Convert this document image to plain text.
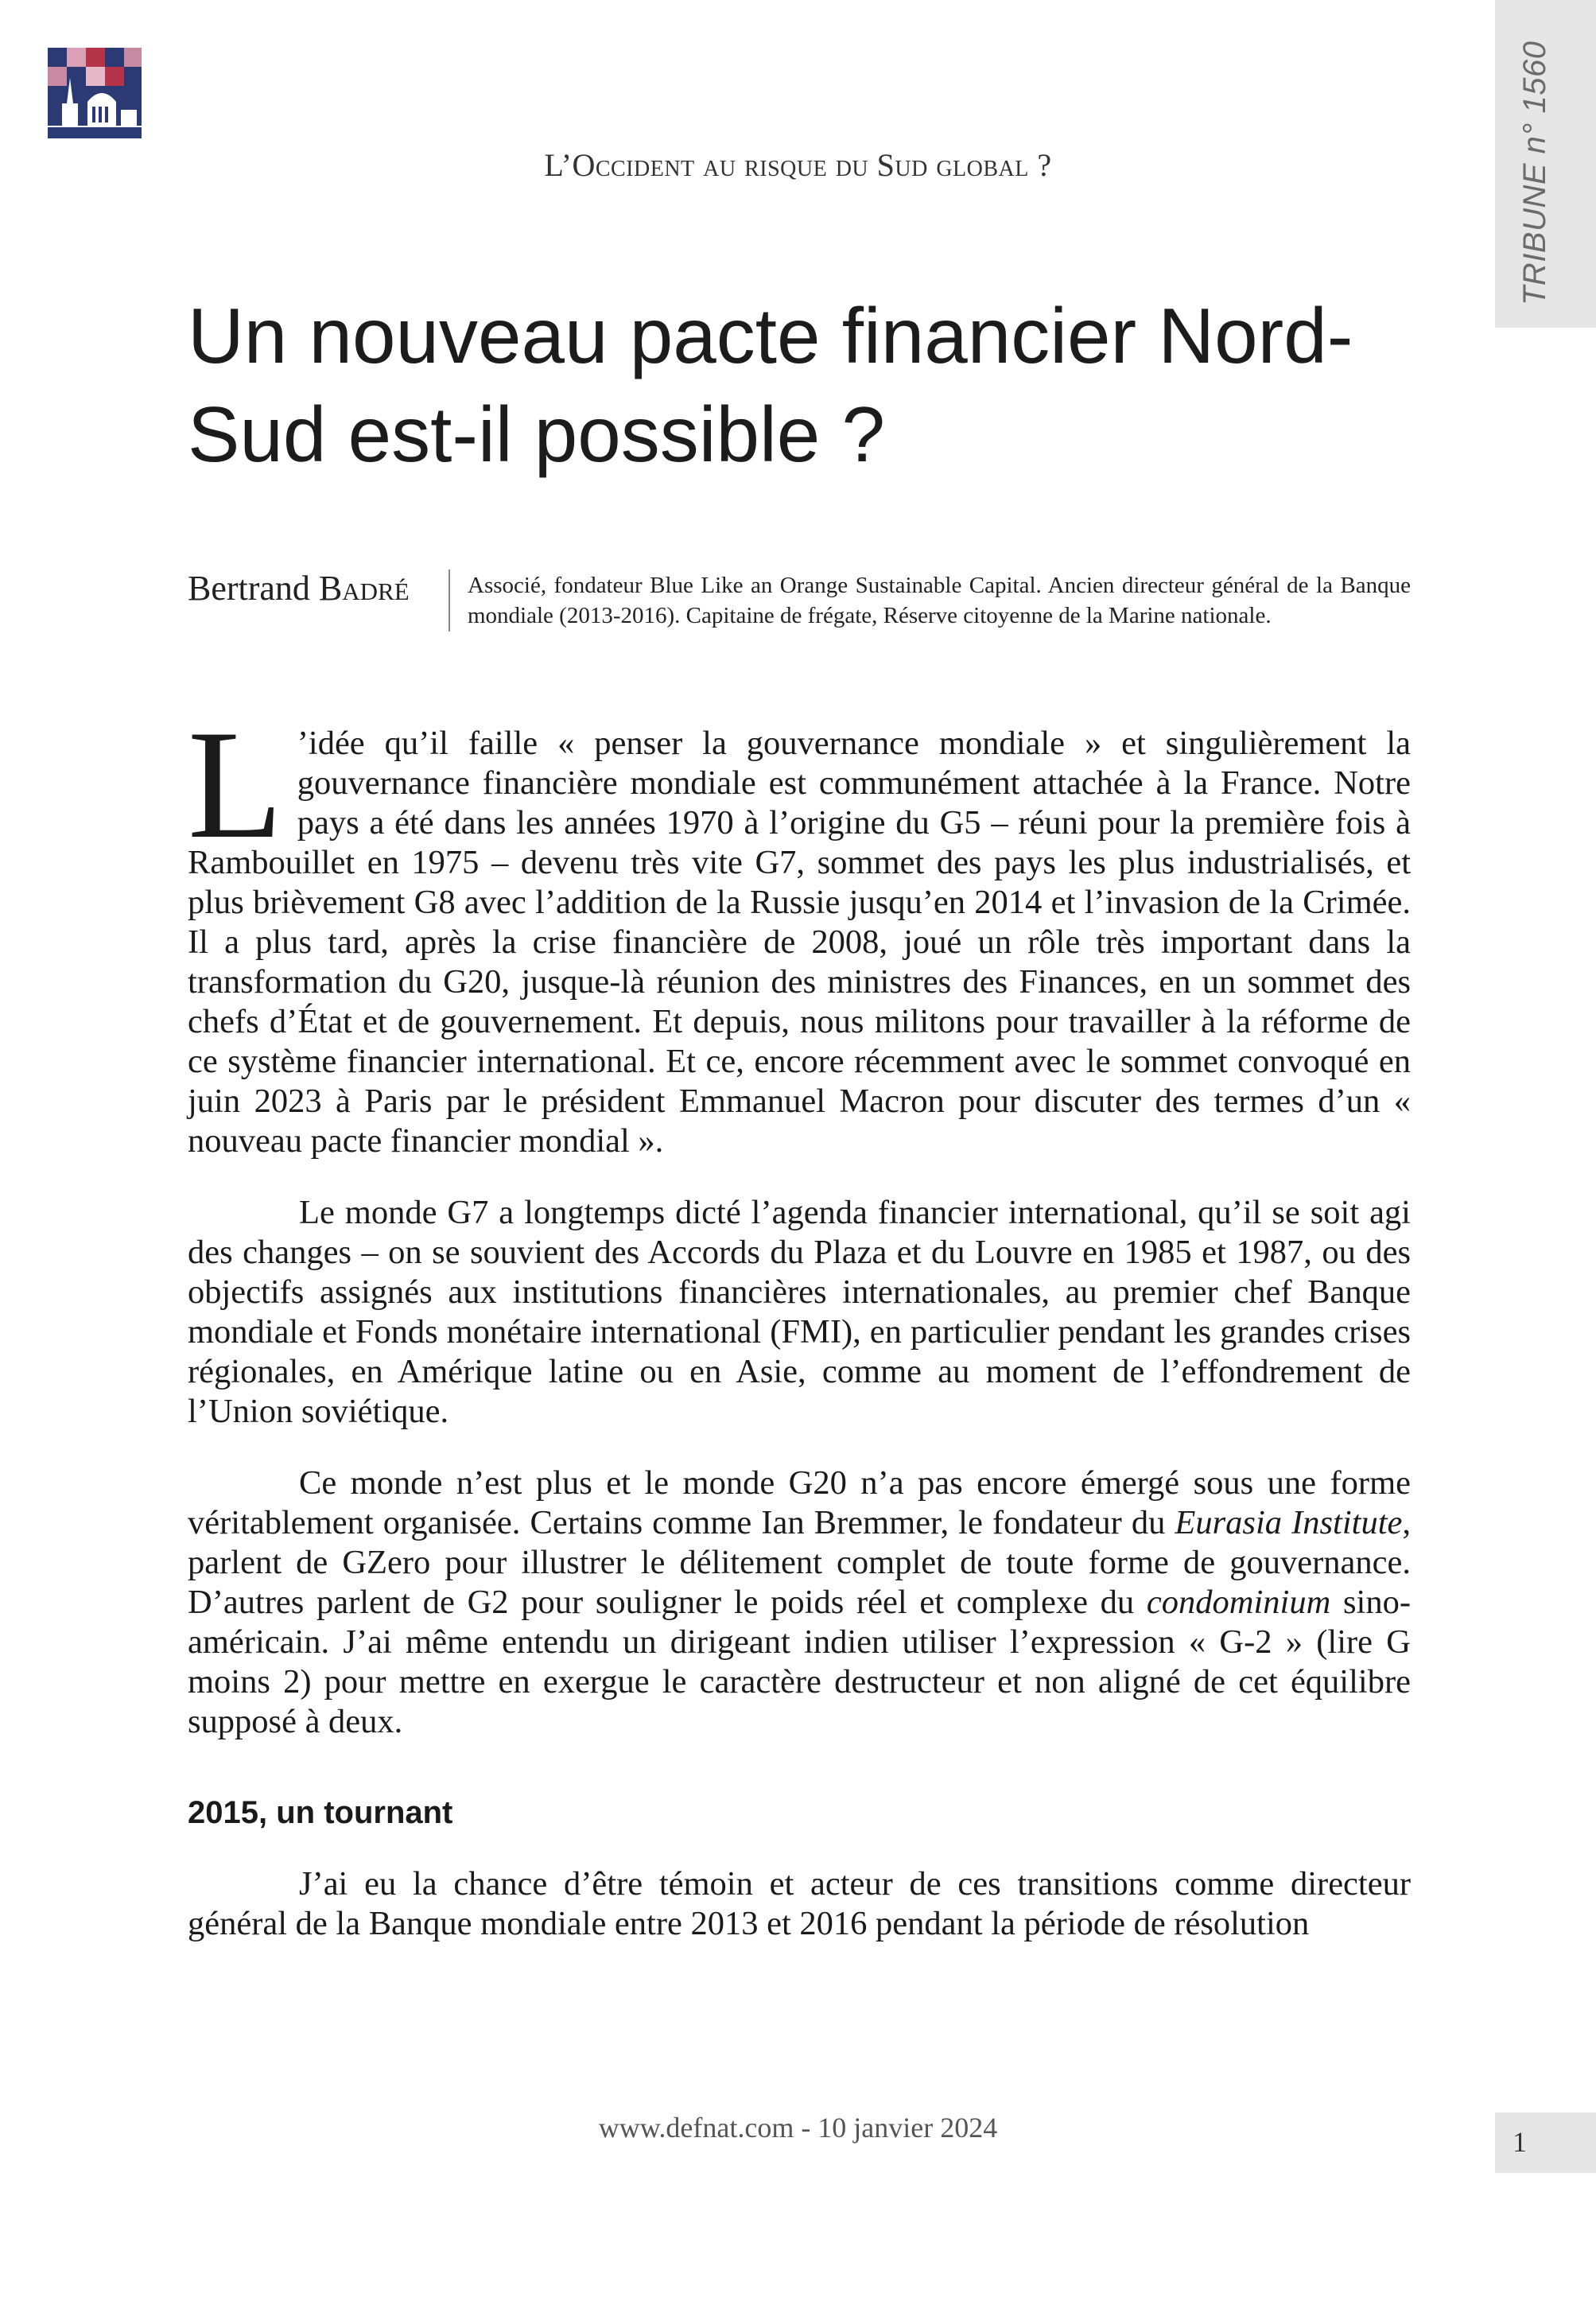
TRIBUNE n° 1560
L’Occident au risque du Sud global ?
Un nouveau pacte financier Nord-Sud est-il possible ?
Bertrand Badré	Associé, fondateur Blue Like an Orange Sustainable Capital. Ancien directeur général de la Banque mondiale (2013-2016). Capitaine de frégate, Réserve citoyenne de la Marine nationale.

L ’idée qu’il faille « penser la gouvernance mondiale » et singulièrement la gouvernance financière mondiale est communément attachée à la France. Notre pays a été dans les années 1970 à l’origine du G5 – réuni pour la première fois à Rambouillet en 1975 – devenu très vite G7, sommet des pays les plus industrialisés, et plus brièvement G8 avec l’addition de la Russie jusqu’en 2014 et l’invasion de la Crimée. Il a plus tard, après la crise financière de 2008, joué un rôle très important dans la transformation du G20, jusque-là réunion des ministres des Finances, en un sommet des chefs d’État et de gouvernement. Et depuis, nous militons pour travailler à la réforme de ce système financier international. Et ce, encore récemment avec le sommet convoqué en juin 2023 à Paris par le président Emmanuel Macron pour discuter des termes d’un « nouveau pacte financier mondial ».

Le monde G7 a longtemps dicté l’agenda financier international, qu’il se soit agi des changes – on se souvient des Accords du Plaza et du Louvre en 1985 et 1987, ou des objectifs assignés aux institutions financières internationales, au premier chef Banque mondiale et Fonds monétaire international (FMI), en particulier pendant les grandes crises régionales, en Amérique latine ou en Asie, comme au moment de l’effondrement de l’Union soviétique.

Ce monde n’est plus et le monde G20 n’a pas encore émergé sous une forme véritablement organisée. Certains comme Ian Bremmer, le fondateur du Eurasia Institute, parlent de GZero pour illustrer le délitement complet de toute forme de gouvernance. D’autres parlent de G2 pour souligner le poids réel et complexe du condominium sino-américain. J’ai même entendu un dirigeant indien utiliser l’expression « G-2 » (lire G moins 2) pour mettre en exergue le caractère destructeur et non aligné de cet équilibre supposé à deux.

2015, un tournant

J’ai eu la chance d’être témoin et acteur de ces transitions comme directeur général de la Banque mondiale entre 2013 et 2016 pendant la période de résolution

www.defnat.com - 10 janvier 2024	1
